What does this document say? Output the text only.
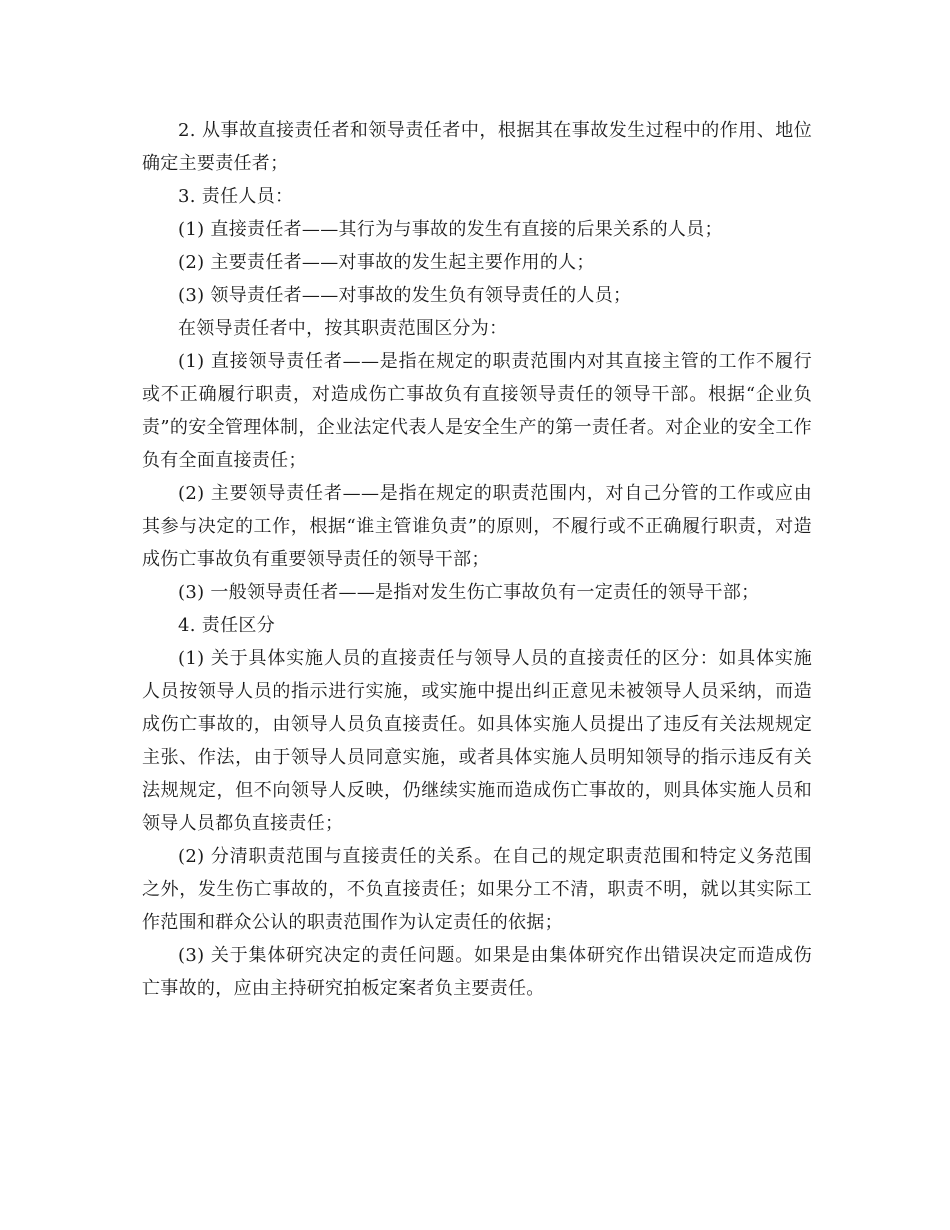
2. 从事故直接责任者和领导责任者中，根据其在事故发生过程中的作用、地位确定主要责任者；

3. 责任人员：

(1) 直接责任者——其行为与事故的发生有直接的后果关系的人员；

(2) 主要责任者——对事故的发生起主要作用的人；

(3) 领导责任者——对事故的发生负有领导责任的人员；

在领导责任者中，按其职责范围区分为：

(1) 直接领导责任者——是指在规定的职责范围内对其直接主管的工作不履行或不正确履行职责，对造成伤亡事故负有直接领导责任的领导干部。根据“企业负责”的安全管理体制，企业法定代表人是安全生产的第一责任者。对企业的安全工作负有全面直接责任；

(2) 主要领导责任者——是指在规定的职责范围内，对自己分管的工作或应由其参与决定的工作，根据“谁主管谁负责”的原则，不履行或不正确履行职责，对造成伤亡事故负有重要领导责任的领导干部；

(3) 一般领导责任者——是指对发生伤亡事故负有一定责任的领导干部；

4. 责任区分

(1) 关于具体实施人员的直接责任与领导人员的直接责任的区分：如具体实施人员按领导人员的指示进行实施，或实施中提出纠正意见未被领导人员采纳，而造成伤亡事故的，由领导人员负直接责任。如具体实施人员提出了违反有关法规规定主张、作法，由于领导人员同意实施，或者具体实施人员明知领导的指示违反有关法规规定，但不向领导人反映，仍继续实施而造成伤亡事故的，则具体实施人员和领导人员都负直接责任；

(2) 分清职责范围与直接责任的关系。在自己的规定职责范围和特定义务范围之外，发生伤亡事故的，不负直接责任；如果分工不清，职责不明，就以其实际工作范围和群众公认的职责范围作为认定责任的依据；

(3) 关于集体研究决定的责任问题。如果是由集体研究作出错误决定而造成伤亡事故的，应由主持研究拍板定案者负主要责任。
